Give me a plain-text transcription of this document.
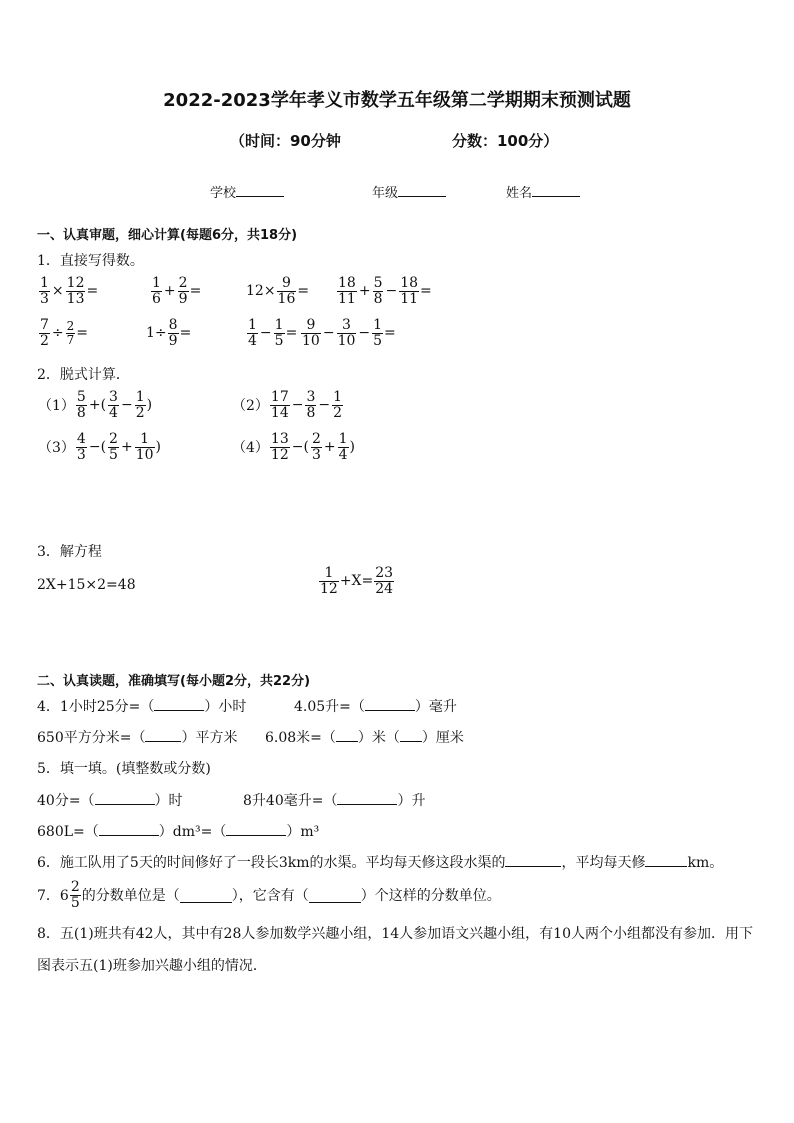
2022-2023学年孝义市数学五年级第二学期期末预测试题
（时间：90分钟	分数：100分）
学校	年级	姓名
一、认真审题，细心计算(每题6分，共18分)
1．直接写得数。
$\frac{1}{3} \times \frac{12}{13}$ =	$\frac{1}{6} + \frac{2}{9}$ =	$12\times \frac{9}{16} = \frac{18}{11} + \frac{5}{8} - \frac{18}{11}$ =
$\frac{7}{2} \div \frac{2}{7}$ =	$1\div \frac{8}{9}$ =	$\frac{1}{4} - \frac{1}{5} = \frac{9}{10} - \frac{3}{10} - \frac{1}{5}$ =
2．脱式计算．
$(1) \frac{5}{8}$ +( $\frac{3}{4} - \frac{1}{2}$ )	$(2) \frac{17}{14} - \frac{3}{8} - \frac{1}{2}$
$(3) \frac{4}{3}$ −( $\frac{2}{5} + \frac{1}{10}$ )	$(4) \frac{13}{12}$ −( $\frac{2}{3} + \frac{1}{4}$ )
3．解方程
2X+15×2=48	$\frac{1}{12} +X= \frac{23}{24}$
二、认真读题，准确填写(每小题2分，共22分)
4．1小时25分=（	）小时	4.05升=（	）毫升
650平方分米=（	）平方米 6.08米=（ ）米（ ）厘米
5．填一填。(填整数或分数)
40分=（	）时	8升40毫升=（	）升
680L=（	）dm³=（	）m³
6．施工队用了5天的时间修好了一段长3km的水渠。平均每天修这段水渠的	，平均每天修	km。
7．$6 \frac{2}{5}$ 的分数单位是（	），它含有（	）个这样的分数单位。
8．五(1)班共有42人，其中有28人参加数学兴趣小组，14人参加语文兴趣小组，有10人两个小组都没有参加．用下
图表示五(1)班参加兴趣小组的情况．
